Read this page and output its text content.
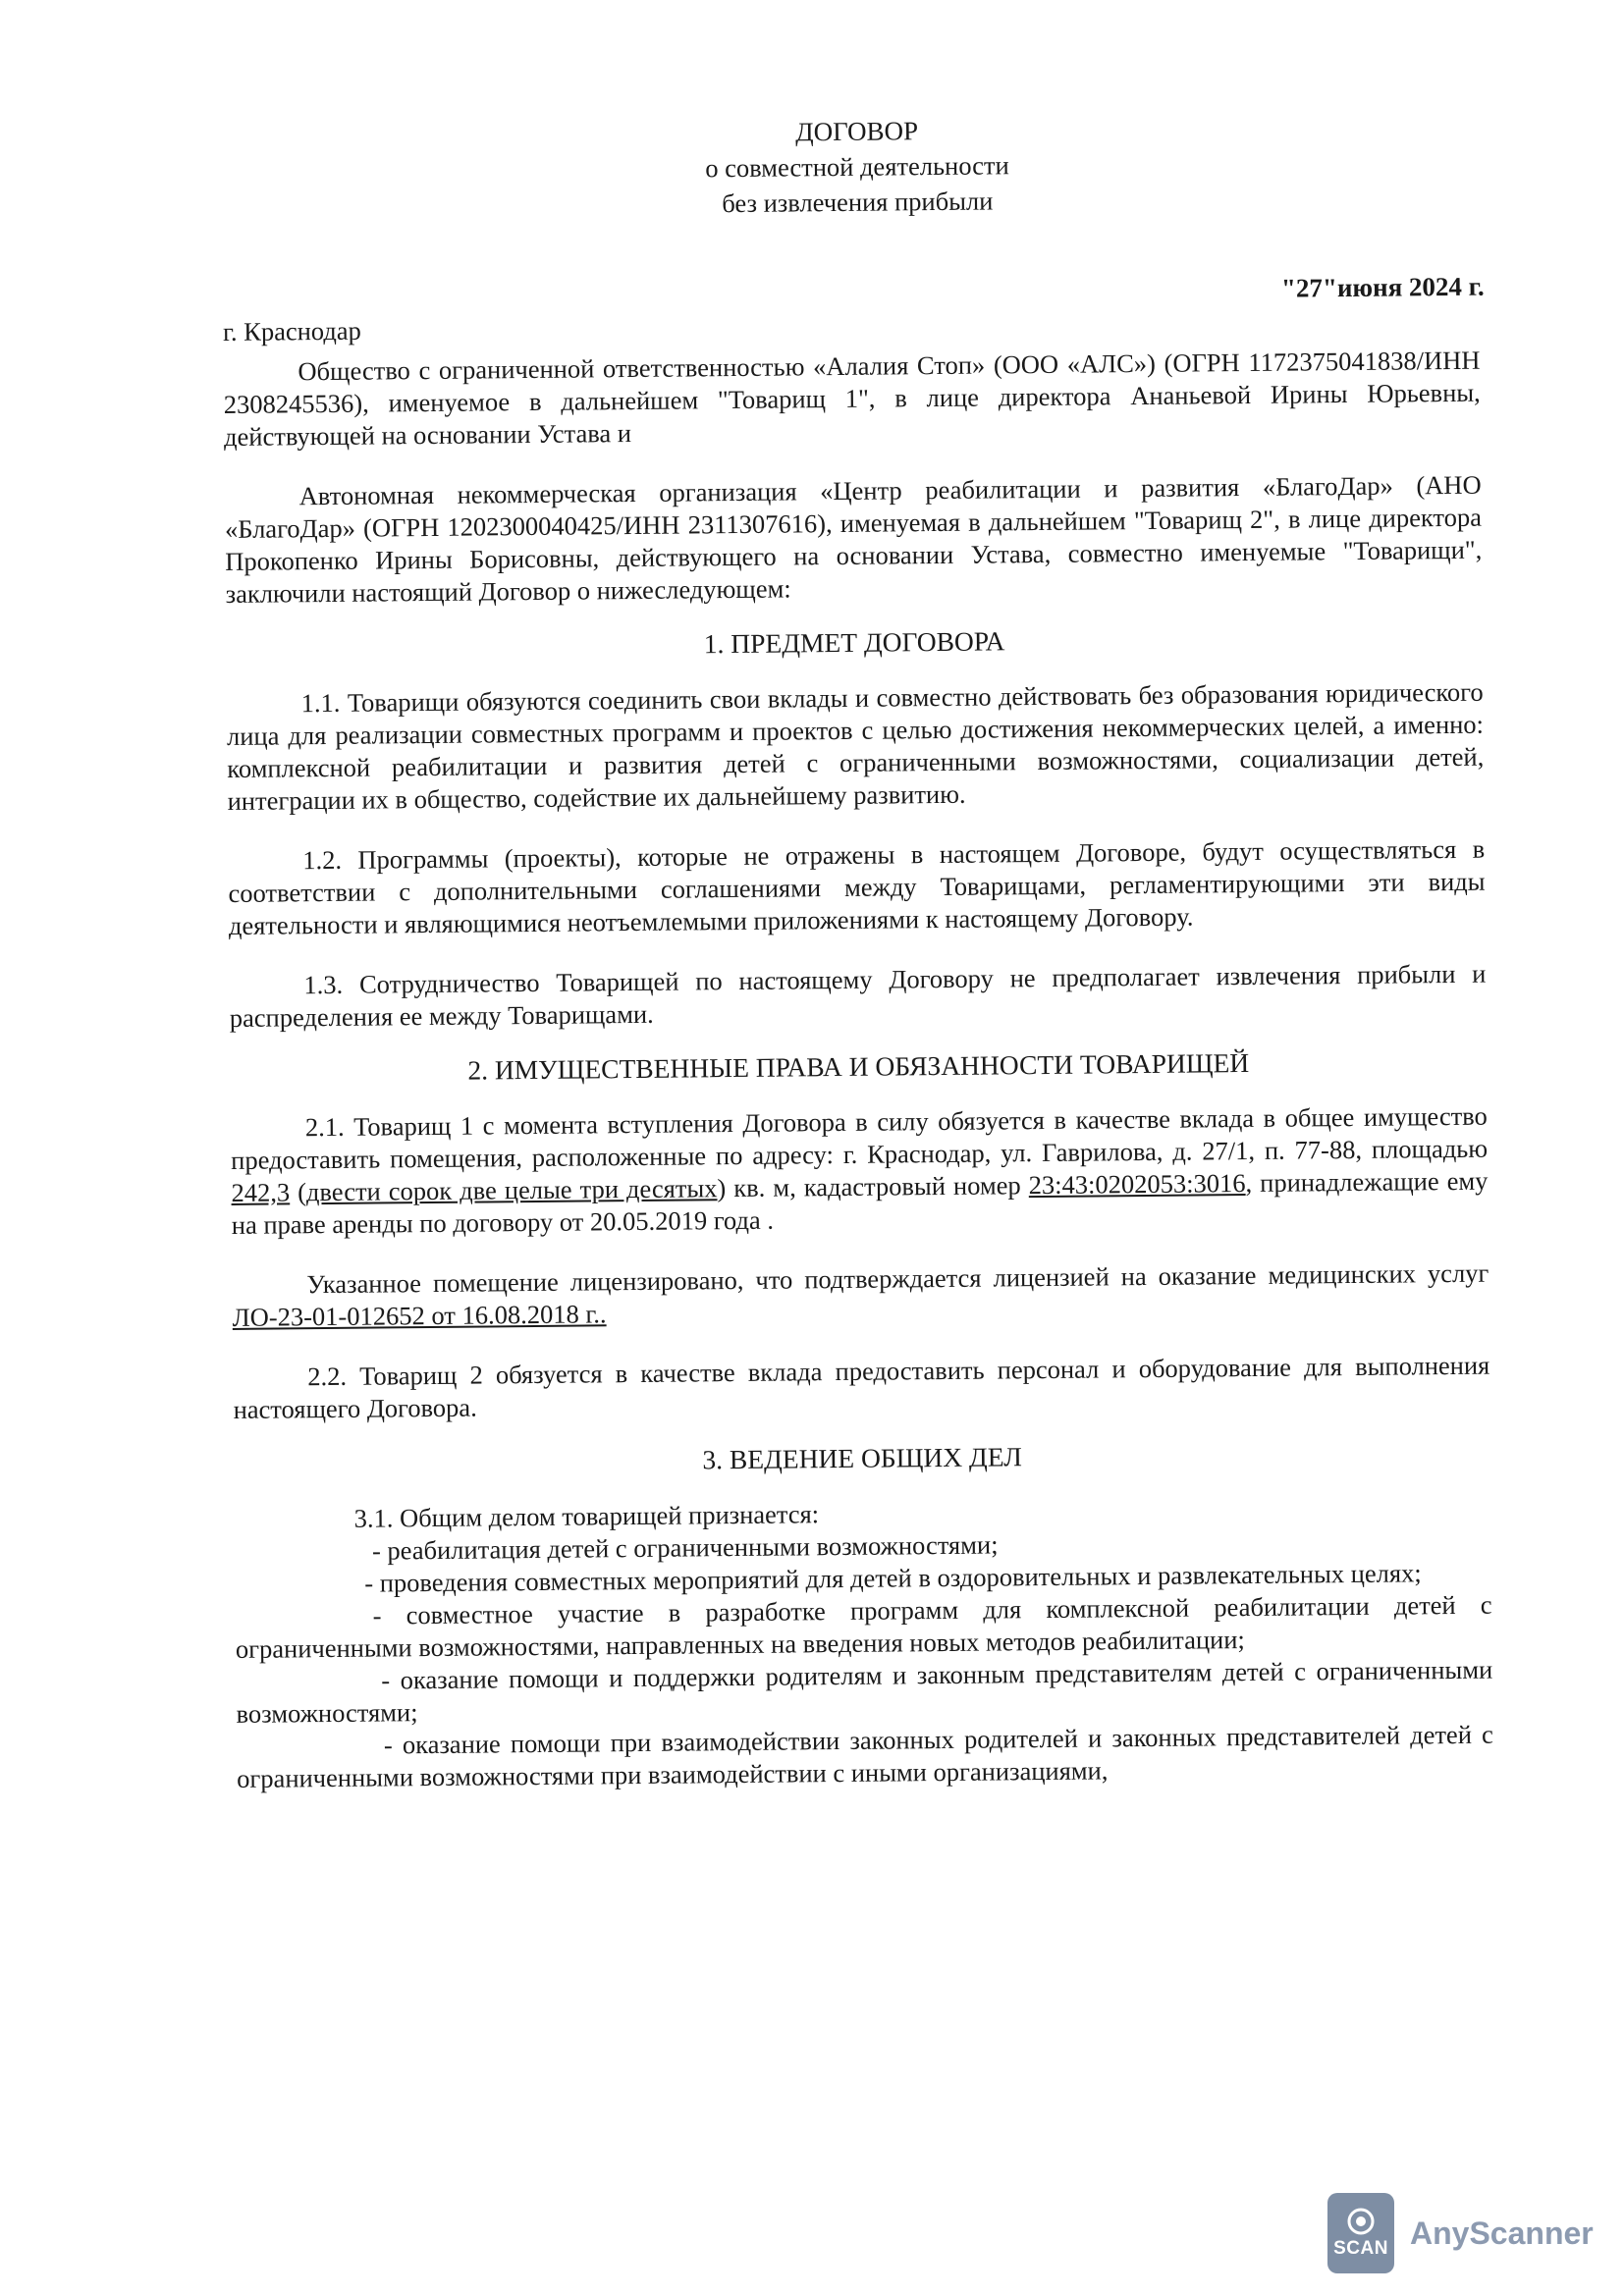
ДОГОВОР
о совместной деятельности
без извлечения прибыли
"27"июня 2024 г.
г. Краснодар

Общество с ограниченной ответственностью «Алалия Стоп» (ООО «АЛС») (ОГРН 1172375041838/ИНН 2308245536), именуемое в дальнейшем "Товарищ 1", в лице директора Ананьевой Ирины Юрьевны, действующей на основании Устава и

Автономная некоммерческая организация «Центр реабилитации и развития «БлагоДар» (АНО «БлагоДар» (ОГРН 1202300040425/ИНН 2311307616), именуемая в дальнейшем "Товарищ 2", в лице директора Прокопенко Ирины Борисовны, действующего на основании Устава, совместно именуемые "Товарищи", заключили настоящий Договор о нижеследующем:

1. ПРЕДМЕТ ДОГОВОРА

1.1. Товарищи обязуются соединить свои вклады и совместно действовать без образования юридического лица для реализации совместных программ и проектов с целью достижения некоммерческих целей, а именно: комплексной реабилитации и развития детей с ограниченными возможностями, социализации детей, интеграции их в общество, содействие их дальнейшему развитию.

1.2. Программы (проекты), которые не отражены в настоящем Договоре, будут осуществляться в соответствии с дополнительными соглашениями между Товарищами, регламентирующими эти виды деятельности и являющимися неотъемлемыми приложениями к настоящему Договору.

1.3. Сотрудничество Товарищей по настоящему Договору не предполагает извлечения прибыли и распределения ее между Товарищами.

2. ИМУЩЕСТВЕННЫЕ ПРАВА И ОБЯЗАННОСТИ ТОВАРИЩЕЙ

2.1. Товарищ 1 с момента вступления Договора в силу обязуется в качестве вклада в общее имущество предоставить помещения, расположенные по адресу: г. Краснодар, ул. Гаврилова, д. 27/1, п. 77-88, площадью 242,3 (двести сорок две целые три десятых) кв. м, кадастровый номер 23:43:0202053:3016, принадлежащие ему на праве аренды по договору от 20.05.2019 года .

Указанное помещение лицензировано, что подтверждается лицензией на оказание медицинских услуг ЛО-23-01-012652 от 16.08.2018 г..

2.2. Товарищ 2 обязуется в качестве вклада предоставить персонал и оборудование для выполнения настоящего Договора.

3. ВЕДЕНИЕ ОБЩИХ ДЕЛ
3.1. Общим делом товарищей признается:

- реабилитация детей с ограниченными возможностями;

- проведения совместных мероприятий для детей в оздоровительных и развлекательных целях;

- совместное участие в разработке программ для комплексной реабилитации детей с ограниченными возможностями, направленных на введения новых методов реабилитации;

- оказание помощи и поддержки родителям и законным представителям детей с ограниченными возможностями;

- оказание помощи при взаимодействии законных родителей и законных представителей детей с ограниченными возможностями при взаимодействии с иными организациями,

SCAN AnyScanner
